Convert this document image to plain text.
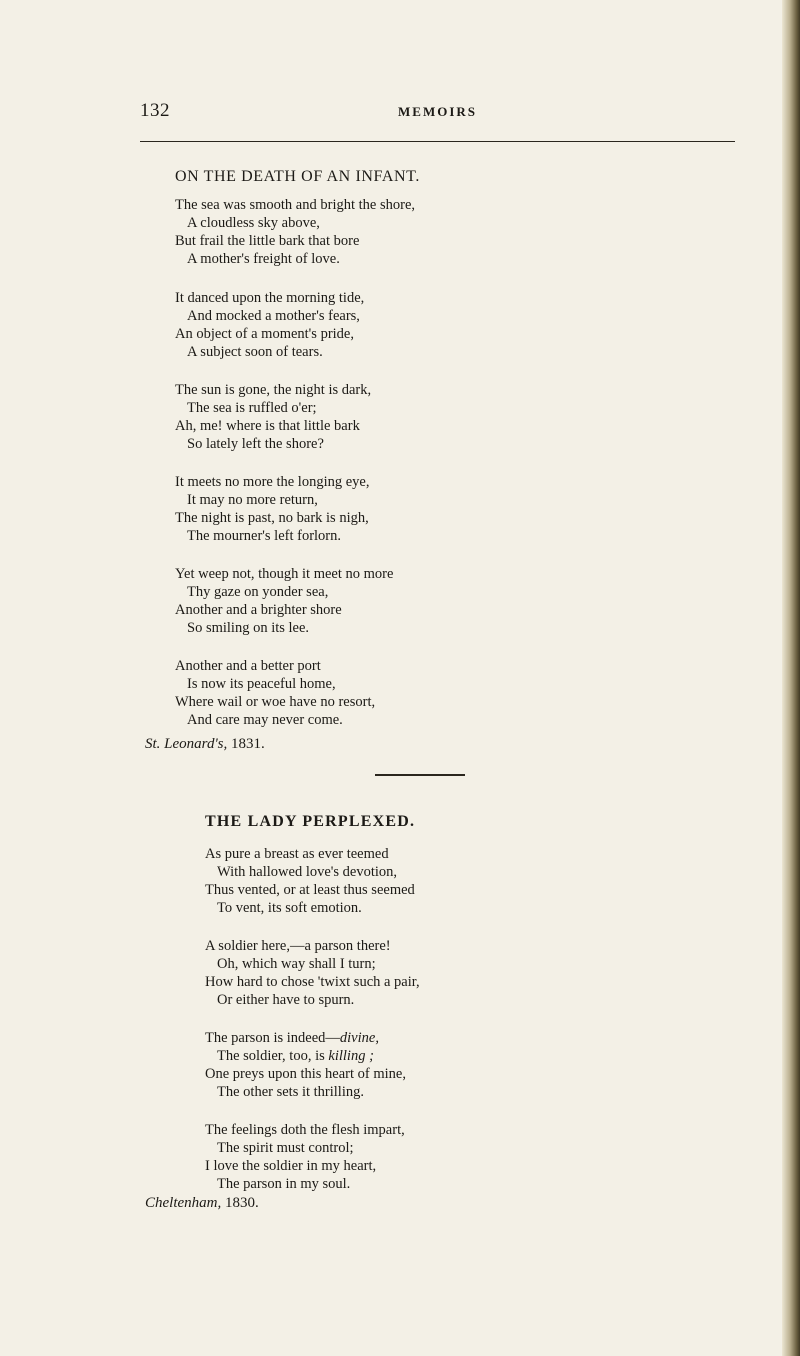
132	MEMOIRS
ON THE DEATH OF AN INFANT.
The sea was smooth and bright the shore,
A cloudless sky above,
But frail the little bark that bore
A mother's freight of love.
It danced upon the morning tide,
And mocked a mother's fears,
An object of a moment's pride,
A subject soon of tears.
The sun is gone, the night is dark,
The sea is ruffled o'er;
Ah, me! where is that little bark
So lately left the shore?
It meets no more the longing eye,
It may no more return,
The night is past, no bark is nigh,
The mourner's left forlorn.
Yet weep not, though it meet no more
Thy gaze on yonder sea,
Another and a brighter shore
So smiling on its lee.
Another and a better port
Is now its peaceful home,
Where wail or woe have no resort,
And care may never come.
St. Leonard's, 1831.
THE LADY PERPLEXED.
As pure a breast as ever teemed
With hallowed love's devotion,
Thus vented, or at least thus seemed
To vent, its soft emotion.
A soldier here,—a parson there!
Oh, which way shall I turn;
How hard to chose 'twixt such a pair,
Or either have to spurn.
The parson is indeed—divine,
The soldier, too, is killing ;
One preys upon this heart of mine,
The other sets it thrilling.
The feelings doth the flesh impart,
The spirit must control;
I love the soldier in my heart,
The parson in my soul.
Cheltenham, 1830.
